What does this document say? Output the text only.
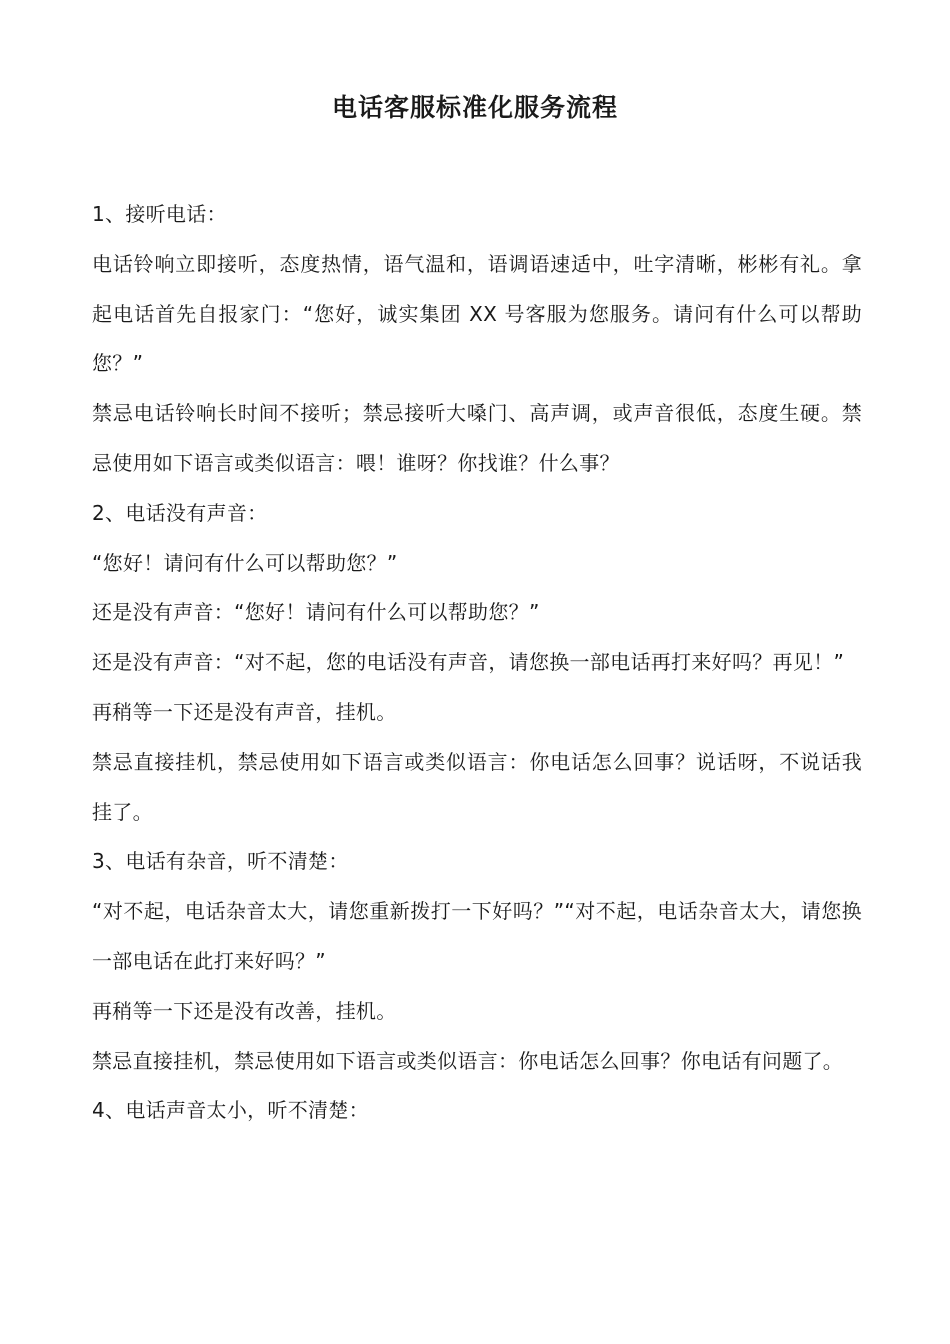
电话客服标准化服务流程

1、接听电话：

电话铃响立即接听，态度热情，语气温和，语调语速适中，吐字清晰，彬彬有礼。拿起电话首先自报家门：“您好，诚实集团 XX 号客服为您服务。请问有什么可以帮助您？”

禁忌电话铃响长时间不接听；禁忌接听大嗓门、高声调，或声音很低，态度生硬。禁忌使用如下语言或类似语言：喂！谁呀？你找谁？什么事？

2、电话没有声音：

“您好！请问有什么可以帮助您？”

还是没有声音：“您好！请问有什么可以帮助您？”

还是没有声音：“对不起，您的电话没有声音，请您换一部电话再打来好吗？再见！”

再稍等一下还是没有声音，挂机。

禁忌直接挂机，禁忌使用如下语言或类似语言：你电话怎么回事？说话呀，不说话我挂了。

3、电话有杂音，听不清楚：

“对不起，电话杂音太大，请您重新拨打一下好吗？”“对不起，电话杂音太大，请您换一部电话在此打来好吗？”

再稍等一下还是没有改善，挂机。

禁忌直接挂机，禁忌使用如下语言或类似语言：你电话怎么回事？你电话有问题了。

4、电话声音太小，听不清楚：
